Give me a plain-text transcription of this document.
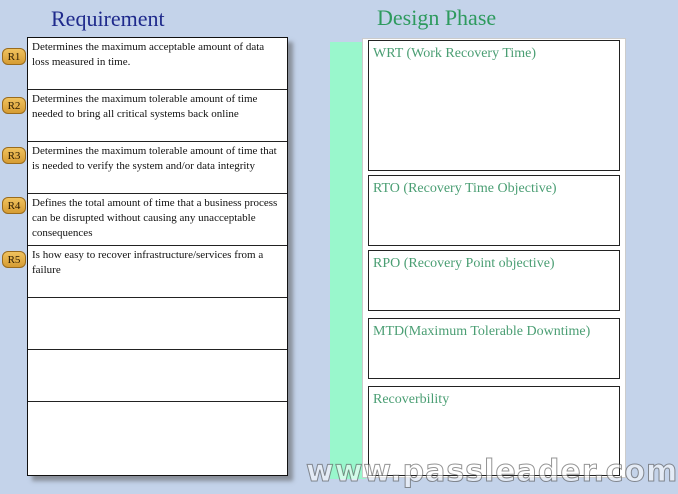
Requirement	Design Phase
Determines the maximum acceptable amount of data loss measured in time.
Determines the maximum tolerable amount of time needed to bring all critical systems back online
Determines the maximum tolerable amount of time that is needed to verify the system and/or data integrity
Defines the total amount of time that a business process can be disrupted without causing any unacceptable consequences
Is how easy to recover infrastructure/services from a failure
R1
R2
R3
R4
R5
WRT (Work Recovery Time)
RTO (Recovery Time Objective)
RPO (Recovery Point objective)
MTD(Maximum Tolerable Downtime)
Recoverbility
www.passleader.com
